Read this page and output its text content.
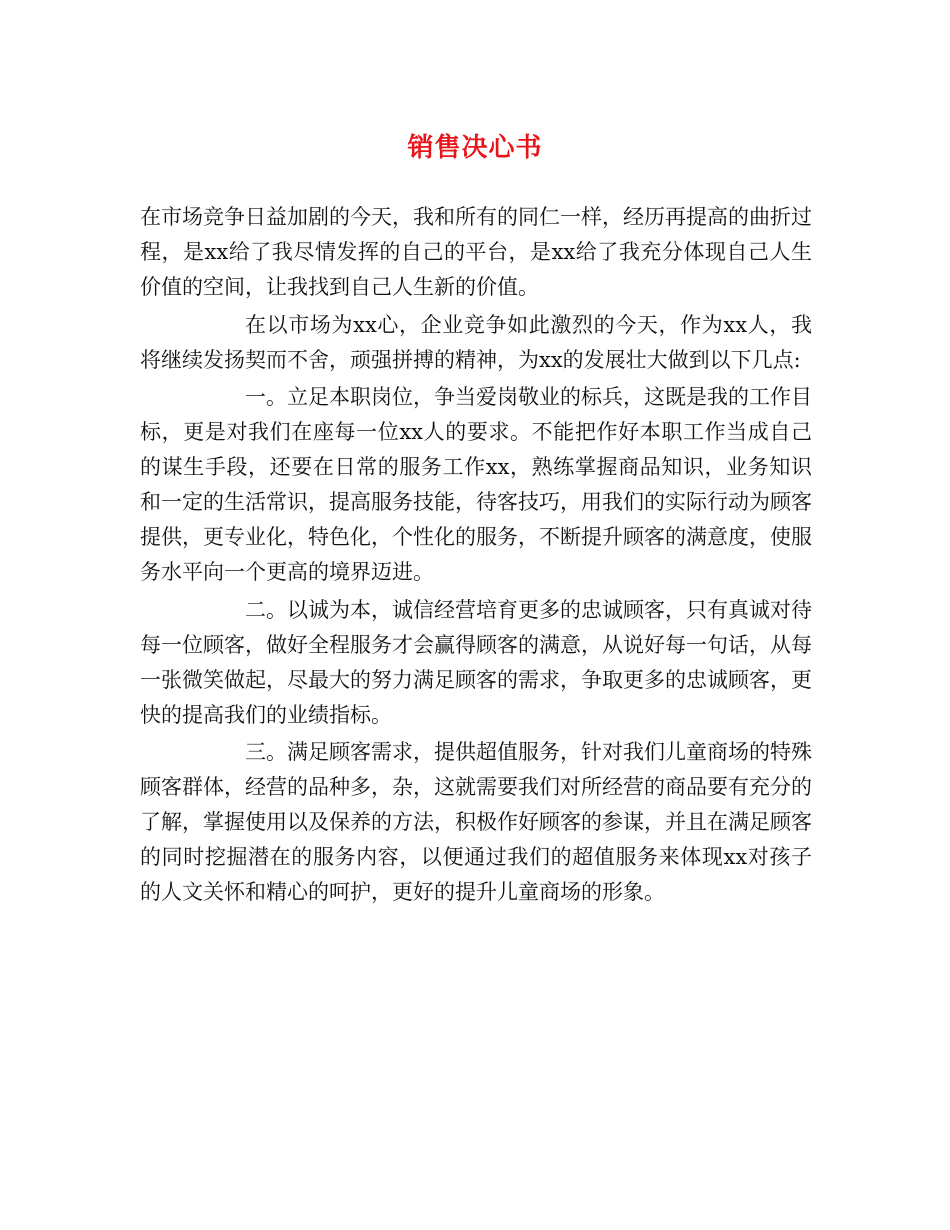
销售决心书

在市场竞争日益加剧的今天，我和所有的同仁一样，经历再提高的曲折过程，是xx给了我尽情发挥的自己的平台，是xx给了我充分体现自己人生价值的空间，让我找到自己人生新的价值。

在以市场为xx心，企业竞争如此激烈的今天，作为xx人，我将继续发扬契而不舍，顽强拼搏的精神，为xx的发展壮大做到以下几点:

一。立足本职岗位，争当爱岗敬业的标兵，这既是我的工作目标，更是对我们在座每一位xx人的要求。不能把作好本职工作当成自己的谋生手段，还要在日常的服务工作xx，熟练掌握商品知识，业务知识和一定的生活常识，提高服务技能，待客技巧，用我们的实际行动为顾客提供，更专业化，特色化，个性化的服务，不断提升顾客的满意度，使服务水平向一个更高的境界迈进。

二。以诚为本，诚信经营培育更多的忠诚顾客，只有真诚对待每一位顾客，做好全程服务才会赢得顾客的满意，从说好每一句话，从每一张微笑做起，尽最大的努力满足顾客的需求，争取更多的忠诚顾客，更快的提高我们的业绩指标。

三。满足顾客需求，提供超值服务，针对我们儿童商场的特殊顾客群体，经营的品种多，杂，这就需要我们对所经营的商品要有充分的了解，掌握使用以及保养的方法，积极作好顾客的参谋，并且在满足顾客的同时挖掘潜在的服务内容，以便通过我们的超值服务来体现xx对孩子的人文关怀和精心的呵护，更好的提升儿童商场的形象。
